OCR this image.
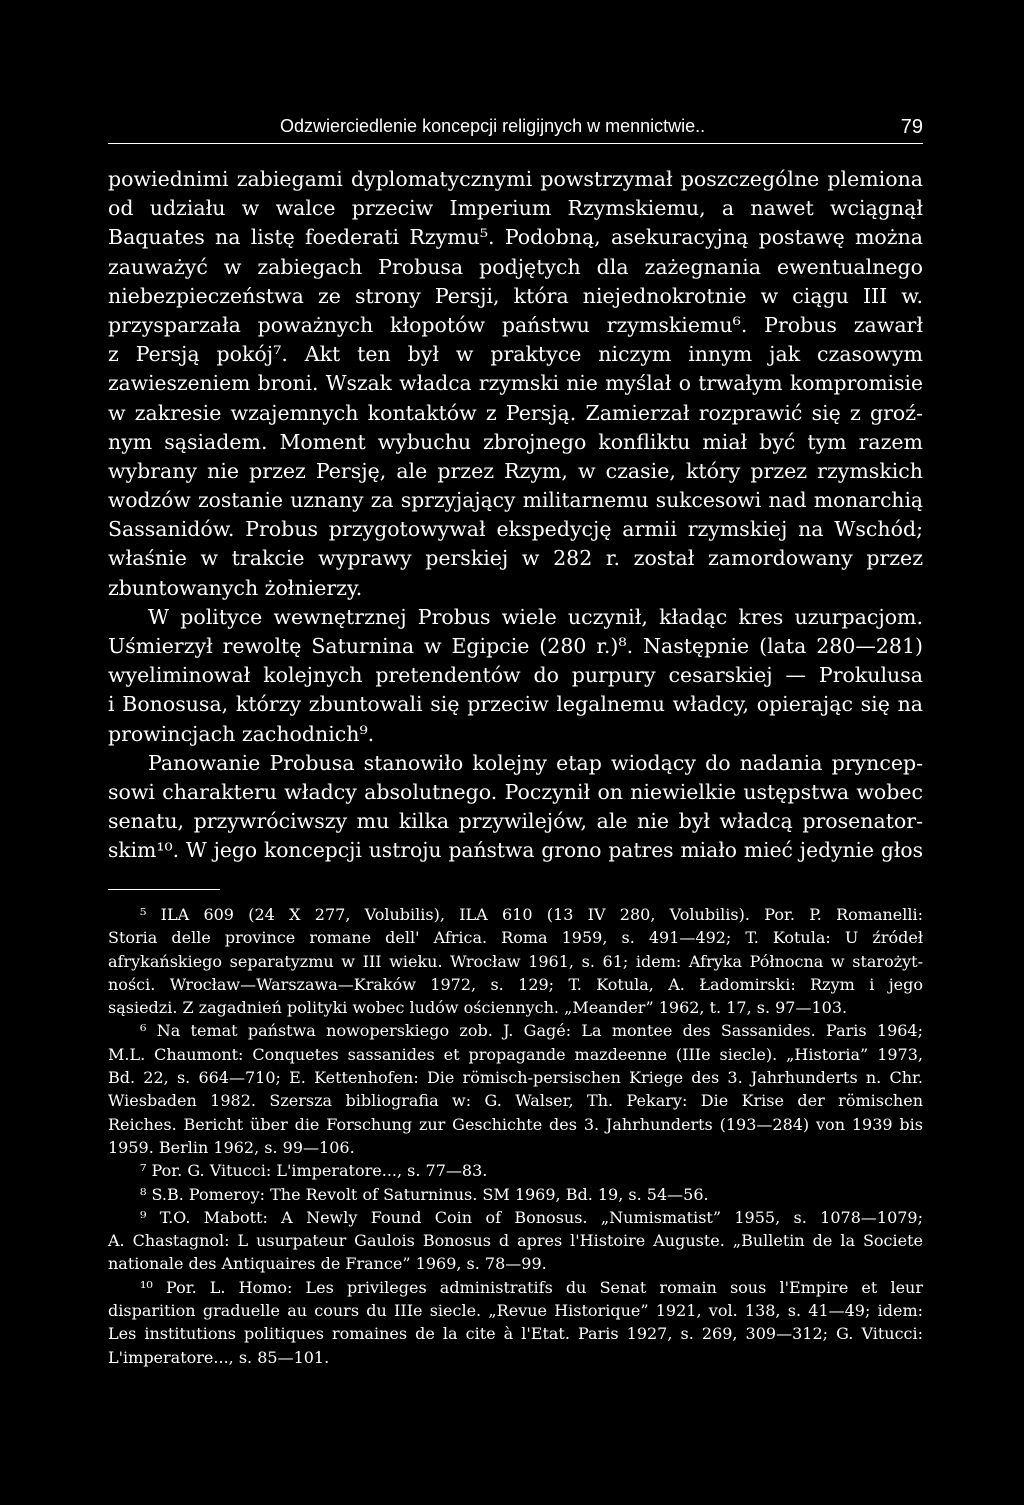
Odzwierciedlenie koncepcji religijnych w mennictwie..	79
powiednimi zabiegami dyplomatycznymi powstrzymał poszczególne plemiona
od udziału w walce przeciw Imperium Rzymskiemu, a nawet wciągnął
Baquates na listę foederati Rzymu⁵. Podobną, asekuracyjną postawę można
zauważyć w zabiegach Probusa podjętych dla zażegnania ewentualnego
niebezpieczeństwa ze strony Persji, która niejednokrotnie w ciągu III w.
przysparzała poważnych kłopotów państwu rzymskiemu⁶. Probus zawarł
z Persją pokój⁷. Akt ten był w praktyce niczym innym jak czasowym
zawieszeniem broni. Wszak władca rzymski nie myślał o trwałym kompromisie
w zakresie wzajemnych kontaktów z Persją. Zamierzał rozprawić się z groź-
nym sąsiadem. Moment wybuchu zbrojnego konfliktu miał być tym razem
wybrany nie przez Persję, ale przez Rzym, w czasie, który przez rzymskich
wodzów zostanie uznany za sprzyjający militarnemu sukcesowi nad monarchią
Sassanidów. Probus przygotowywał ekspedycję armii rzymskiej na Wschód;
właśnie w trakcie wyprawy perskiej w 282 r. został zamordowany przez
zbuntowanych żołnierzy.
W polityce wewnętrznej Probus wiele uczynił, kładąc kres uzurpacjom.
Uśmierzył rewoltę Saturnina w Egipcie (280 r.)⁸. Następnie (lata 280—281)
wyeliminował kolejnych pretendentów do purpury cesarskiej — Prokulusa
i Bonosusa, którzy zbuntowali się przeciw legalnemu władcy, opierając się na
prowincjach zachodnich⁹.
Panowanie Probusa stanowiło kolejny etap wiodący do nadania pryncep-
sowi charakteru władcy absolutnego. Poczynił on niewielkie ustępstwa wobec
senatu, przywróciwszy mu kilka przywilejów, ale nie był władcą prosenator-
skim¹⁰. W jego koncepcji ustroju państwa grono patres miało mieć jedynie głos
⁵ ILA 609 (24 X 277, Volubilis), ILA 610 (13 IV 280, Volubilis). Por. P. Romanelli:
Storia delle province romane dell' Africa. Roma 1959, s. 491—492; T. Kotula: U źródeł
afrykańskiego separatyzmu w III wieku. Wrocław 1961, s. 61; idem: Afryka Północna w starożyt-
ności. Wrocław—Warszawa—Kraków 1972, s. 129; T. Kotula, A. Ładomirski: Rzym i jego
sąsiedzi. Z zagadnień polityki wobec ludów ościennych. „Meander” 1962, t. 17, s. 97—103.
⁶ Na temat państwa nowoperskiego zob. J. Gagé: La montee des Sassanides. Paris 1964;
M.L. Chaumont: Conquetes sassanides et propagande mazdeenne (IIIe siecle). „Historia” 1973,
Bd. 22, s. 664—710; E. Kettenhofen: Die römisch-persischen Kriege des 3. Jahrhunderts n. Chr.
Wiesbaden 1982. Szersza bibliografia w: G. Walser, Th. Pekary: Die Krise der römischen
Reiches. Bericht über die Forschung zur Geschichte des 3. Jahrhunderts (193—284) von 1939 bis
1959. Berlin 1962, s. 99—106.
⁷ Por. G. Vitucci: L'imperatore..., s. 77—83.
⁸ S.B. Pomeroy: The Revolt of Saturninus. SM 1969, Bd. 19, s. 54—56.
⁹ T.O. Mabott: A Newly Found Coin of Bonosus. „Numismatist” 1955, s. 1078—1079;
A. Chastagnol: L usurpateur Gaulois Bonosus d apres l'Histoire Auguste. „Bulletin de la Societe
nationale des Antiquaires de France” 1969, s. 78—99.
¹⁰ Por. L. Homo: Les privileges administratifs du Senat romain sous l'Empire et leur
disparition graduelle au cours du IIIe siecle. „Revue Historique” 1921, vol. 138, s. 41—49; idem:
Les institutions politiques romaines de la cite à l'Etat. Paris 1927, s. 269, 309—312; G. Vitucci:
L'imperatore..., s. 85—101.
